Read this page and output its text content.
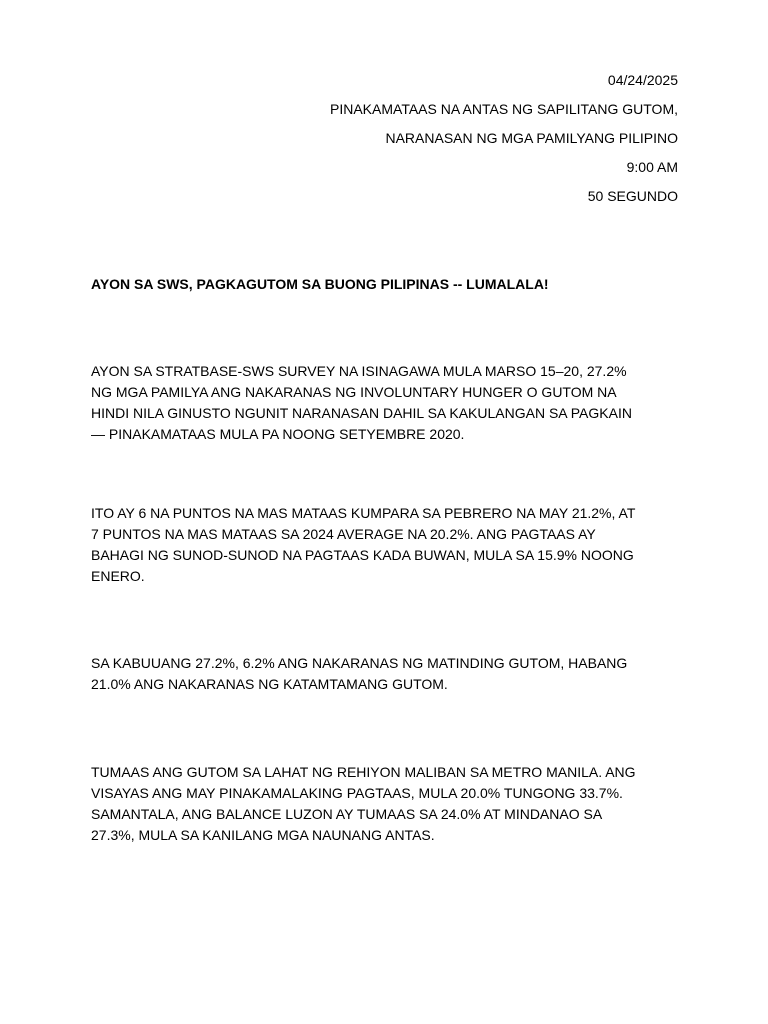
04/24/2025
PINAKAMATAAS NA ANTAS NG SAPILITANG GUTOM,
NARANASAN NG MGA PAMILYANG PILIPINO
9:00 AM
50 SEGUNDO
AYON SA SWS, PAGKAGUTOM SA BUONG PILIPINAS -- LUMALALA!

AYON SA STRATBASE-SWS SURVEY NA ISINAGAWA MULA MARSO 15–20, 27.2%
NG MGA PAMILYA ANG NAKARANAS NG INVOLUNTARY HUNGER O GUTOM NA
HINDI NILA GINUSTO NGUNIT NARANASAN DAHIL SA KAKULANGAN SA PAGKAIN
— PINAKAMATAAS MULA PA NOONG SETYEMBRE 2020.

ITO AY 6 NA PUNTOS NA MAS MATAAS KUMPARA SA PEBRERO NA MAY 21.2%, AT
7 PUNTOS NA MAS MATAAS SA 2024 AVERAGE NA 20.2%. ANG PAGTAAS AY
BAHAGI NG SUNOD-SUNOD NA PAGTAAS KADA BUWAN, MULA SA 15.9% NOONG
ENERO.

SA KABUUANG 27.2%, 6.2% ANG NAKARANAS NG MATINDING GUTOM, HABANG
21.0% ANG NAKARANAS NG KATAMTAMANG GUTOM.

TUMAAS ANG GUTOM SA LAHAT NG REHIYON MALIBAN SA METRO MANILA. ANG
VISAYAS ANG MAY PINAKAMALAKING PAGTAAS, MULA 20.0% TUNGONG 33.7%.
SAMANTALA, ANG BALANCE LUZON AY TUMAAS SA 24.0% AT MINDANAO SA
27.3%, MULA SA KANILANG MGA NAUNANG ANTAS.
